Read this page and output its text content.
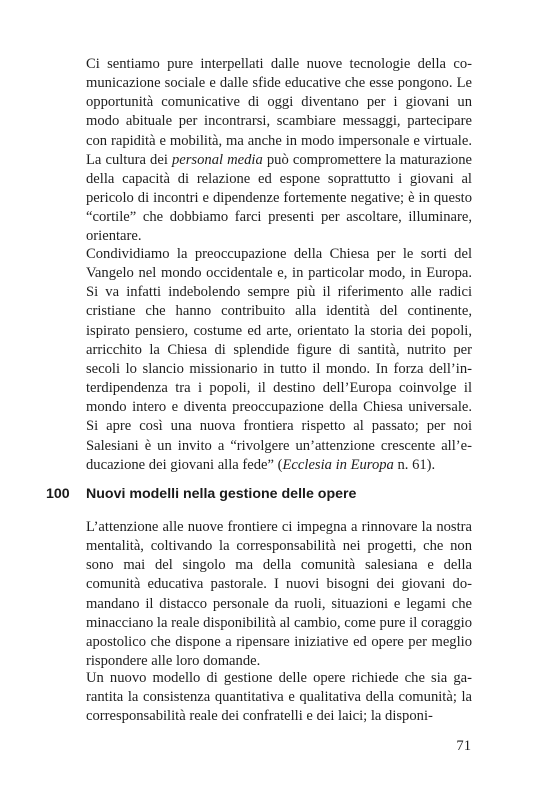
Ci sentiamo pure interpellati dalle nuove tecnologie della comunicazione sociale e dalle sfide educative che esse pongono. Le opportunità comunicative di oggi diventano per i giovani un modo abituale per incontrarsi, scambiare messaggi, partecipare con rapidità e mobilità, ma anche in modo impersonale e virtuale. La cultura dei personal media può compromettere la maturazione della capacità di relazione ed espone soprattutto i giovani al pericolo di incontri e dipendenze fortemente negative; è in questo “cortile” che dobbiamo farci presenti per ascoltare, illuminare, orientare.

Condividiamo la preoccupazione della Chiesa per le sorti del Vangelo nel mondo occidentale e, in particolar modo, in Europa. Si va infatti indebolendo sempre più il riferimento alle radici cristiane che hanno contribuito alla identità del continente, ispirato pensiero, costume ed arte, orientato la storia dei popoli, arricchito la Chiesa di splendide figure di santità, nutrito per secoli lo slancio missionario in tutto il mondo. In forza dell’interdipendenza tra i popoli, il destino dell’Europa coinvolge il mondo intero e diventa preoccupazione della Chiesa universale. Si apre così una nuova frontiera rispetto al passato; per noi Salesiani è un invito a “rivolgere un’attenzione crescente all’educazione dei giovani alla fede” (Ecclesia in Europa n. 61).

100 Nuovi modelli nella gestione delle opere

L’attenzione alle nuove frontiere ci impegna a rinnovare la nostra mentalità, coltivando la corresponsabilità nei progetti, che non sono mai del singolo ma della comunità salesiana e della comunità educativa pastorale. I nuovi bisogni dei giovani domandano il distacco personale da ruoli, situazioni e legami che minacciano la reale disponibilità al cambio, come pure il coraggio apostolico che dispone a ripensare iniziative ed opere per meglio rispondere alle loro domande.

Un nuovo modello di gestione delle opere richiede che sia garantita la consistenza quantitativa e qualitativa della comunità; la corresponsabilità reale dei confratelli e dei laici; la disponi-

71
